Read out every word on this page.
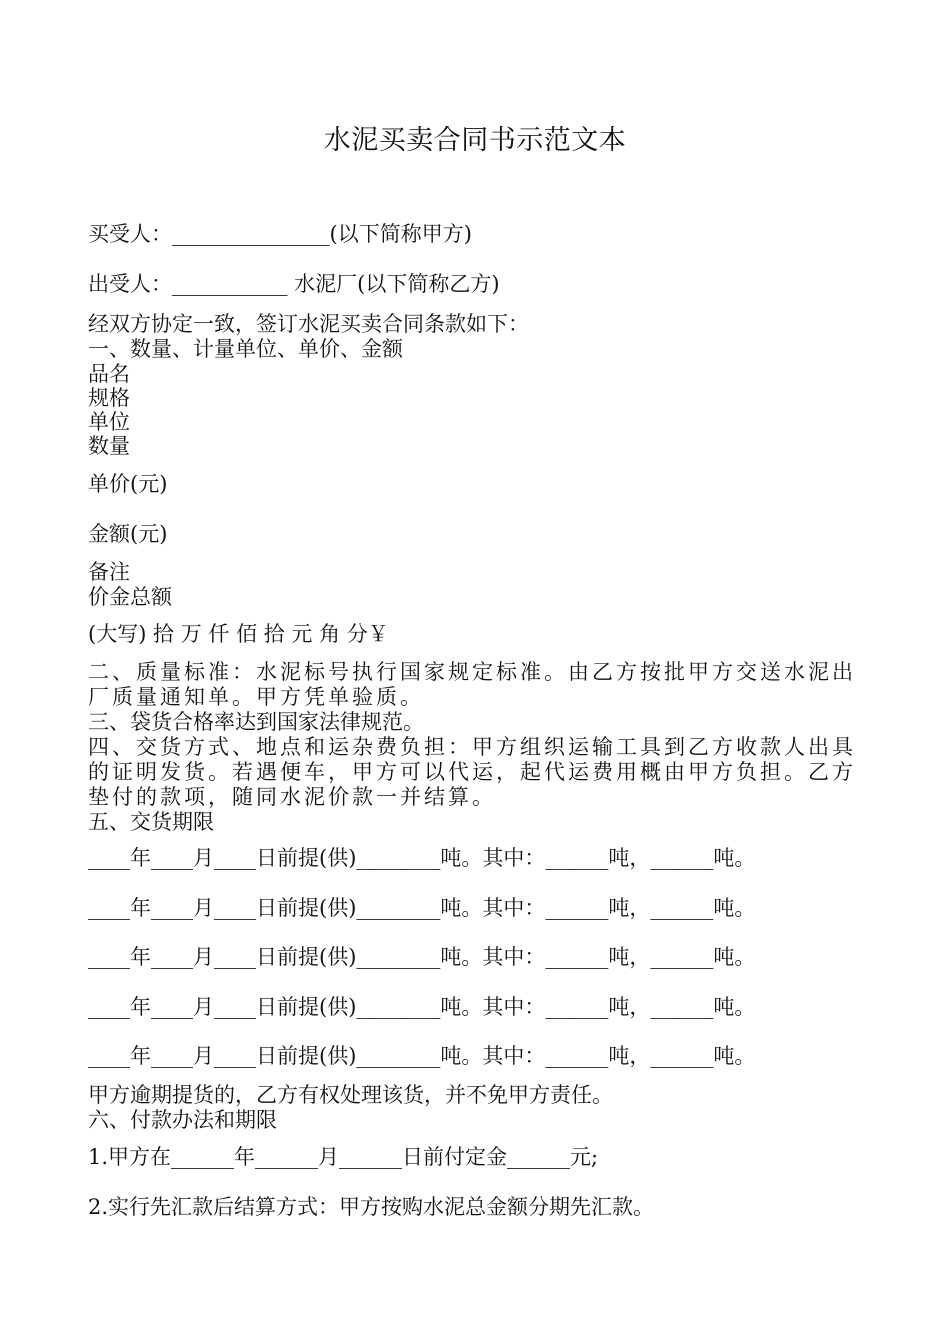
水泥买卖合同书示范文本
买受人：_______________(以下简称甲方)
出受人：___________ 水泥厂(以下简称乙方)
经双方协定一致，签订水泥买卖合同条款如下：
一、数量、计量单位、单价、金额
品名
规格
单位
数量
单价(元)
金额(元)
备注
价金总额
(大写) 拾 万 仟 佰 拾 元 角 分￥
二、质量标准：水泥标号执行国家规定标准。由乙方按批甲方交送水泥出厂质量通知单。甲方凭单验质。
三、袋货合格率达到国家法律规范。
四、交货方式、地点和运杂费负担：甲方组织运输工具到乙方收款人出具的证明发货。若遇便车，甲方可以代运，起代运费用概由甲方负担。乙方垫付的款项，随同水泥价款一并结算。
五、交货期限
____年____月____日前提(供)________吨。其中：______吨，______吨。
____年____月____日前提(供)________吨。其中：______吨，______吨。
____年____月____日前提(供)________吨。其中：______吨，______吨。
____年____月____日前提(供)________吨。其中：______吨，______吨。
____年____月____日前提(供)________吨。其中：______吨，______吨。
甲方逾期提货的，乙方有权处理该货，并不免甲方责任。
六、付款办法和期限
1.甲方在______年______月______日前付定金______元;
2.实行先汇款后结算方式：甲方按购水泥总金额分期先汇款。
